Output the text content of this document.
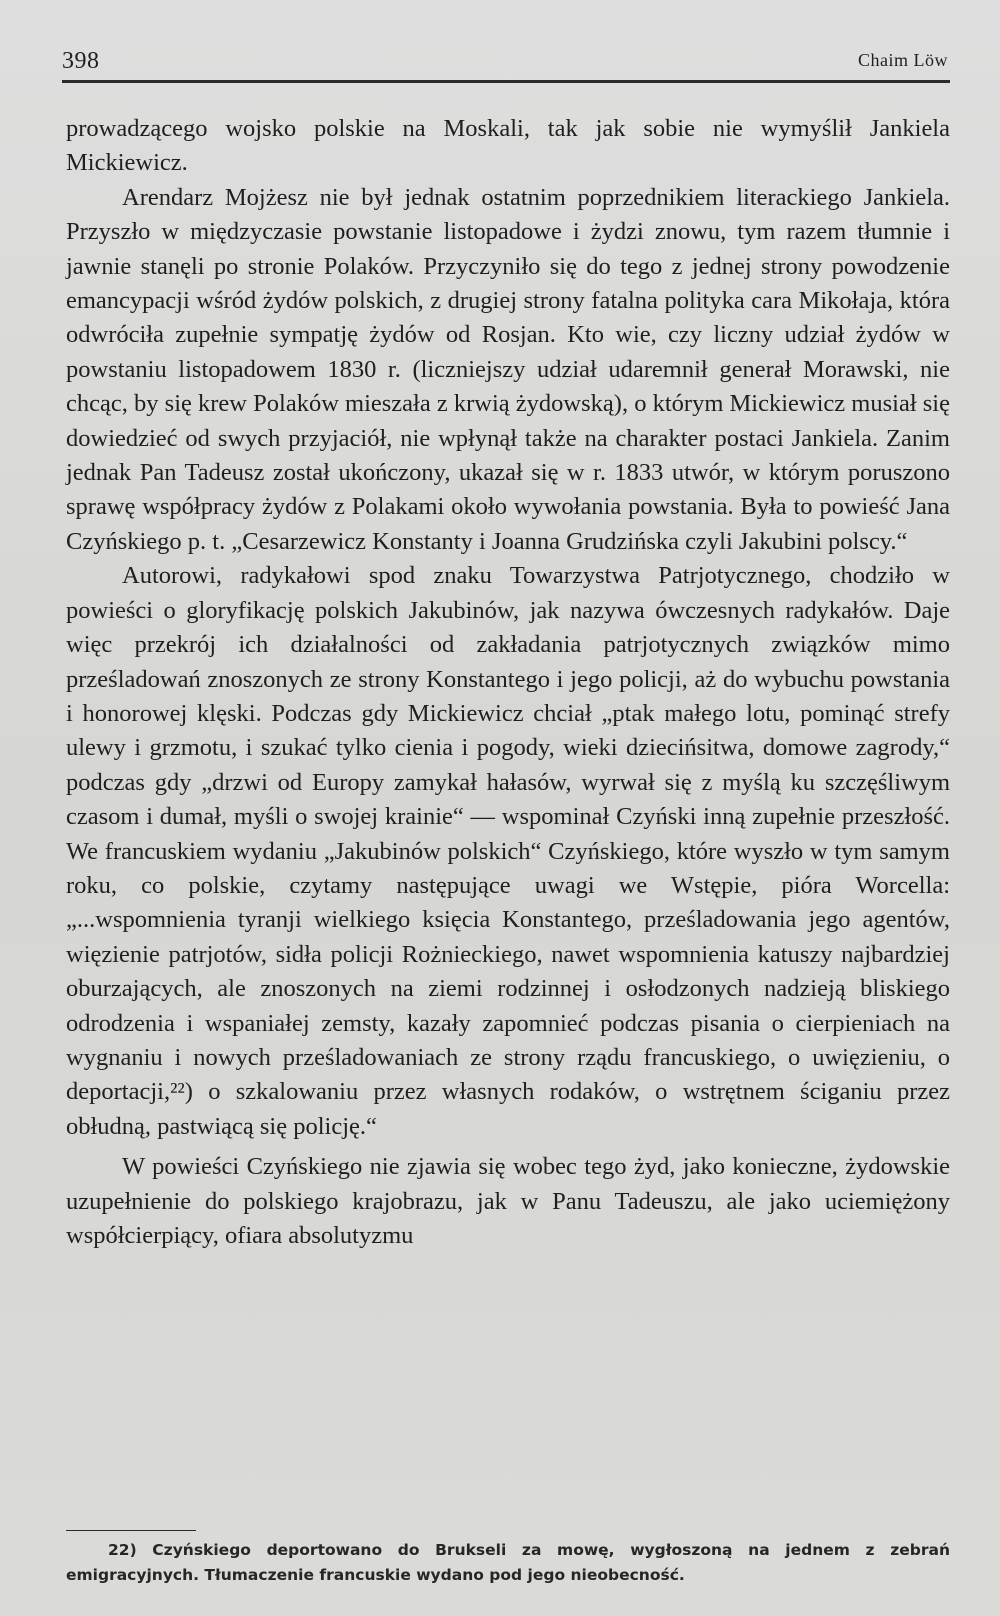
398	Chaim Löw

prowadzącego wojsko polskie na Moskali, tak jak sobie nie wymyślił Jankiela Mickiewicz.

Arendarz Mojżesz nie był jednak ostatnim poprzednikiem literackiego Jankiela. Przyszło w międzyczasie powstanie listopadowe i żydzi znowu, tym razem tłumnie i jawnie stanęli po stronie Polaków. Przyczyniło się do tego z jednej strony powodzenie emancypacji wśród żydów polskich, z drugiej strony fatalna polityka cara Mikołaja, która odwróciła zupełnie sympatję żydów od Rosjan. Kto wie, czy liczny udział żydów w powstaniu listopadowem 1830 r. (liczniejszy udział udaremnił generał Morawski, nie chcąc, by się krew Polaków mieszała z krwią żydowską), o którym Mickiewicz musiał się dowiedzieć od swych przyjaciół, nie wpłynął także na charakter postaci Jankiela. Zanim jednak Pan Tadeusz został ukończony, ukazał się w r. 1833 utwór, w którym poruszono sprawę współpracy żydów z Polakami około wywołania powstania. Była to powieść Jana Czyńskiego p. t. „Cesarzewicz Konstanty i Joanna Grudzińska czyli Jakubini polscy.“

Autorowi, radykałowi spod znaku Towarzystwa Patrjotycznego, chodziło w powieści o gloryfikację polskich Jakubinów, jak nazywa ówczesnych radykałów. Daje więc przekrój ich działalności od zakładania patrjotycznych związków mimo prześladowań znoszonych ze strony Konstantego i jego policji, aż do wybuchu powstania i honorowej klęski. Podczas gdy Mickiewicz chciał „ptak małego lotu, pominąć strefy ulewy i grzmotu, i szukać tylko cienia i pogody, wieki dziecińsitwa, domowe zagrody,“ podczas gdy „drzwi od Europy zamykał hałasów, wyrwał się z myślą ku szczęśliwym czasom i dumał, myśli o swojej krainie“ — wspominał Czyński inną zupełnie przeszłość. We francuskiem wydaniu „Jakubinów polskich“ Czyńskiego, które wyszło w tym samym roku, co polskie, czytamy następujące uwagi we Wstępie, pióra Worcella: „...wspomnienia tyranji wielkiego księcia Konstantego, prześladowania jego agentów, więzienie patrjotów, sidła policji Rożnieckiego, nawet wspomnienia katuszy najbardziej oburzających, ale znoszonych na ziemi rodzinnej i osłodzonych nadzieją bliskiego odrodzenia i wspaniałej zemsty, kazały zapomnieć podczas pisania o cierpieniach na wygnaniu i nowych prześladowaniach ze strony rządu francuskiego, o uwięzieniu, o deportacji,²²) o szkalowaniu przez własnych rodaków, o wstrętnem ściganiu przez obłudną, pastwiącą się policję.“

W powieści Czyńskiego nie zjawia się wobec tego żyd, jako konieczne, żydowskie uzupełnienie do polskiego krajobrazu, jak w Panu Tadeuszu, ale jako uciemiężony współcierpiący, ofiara absolutyzmu

22) Czyńskiego deportowano do Brukseli za mowę, wygłoszoną na jednem z zebrań emigracyjnych. Tłumaczenie francuskie wydano pod jego nieobecność.
